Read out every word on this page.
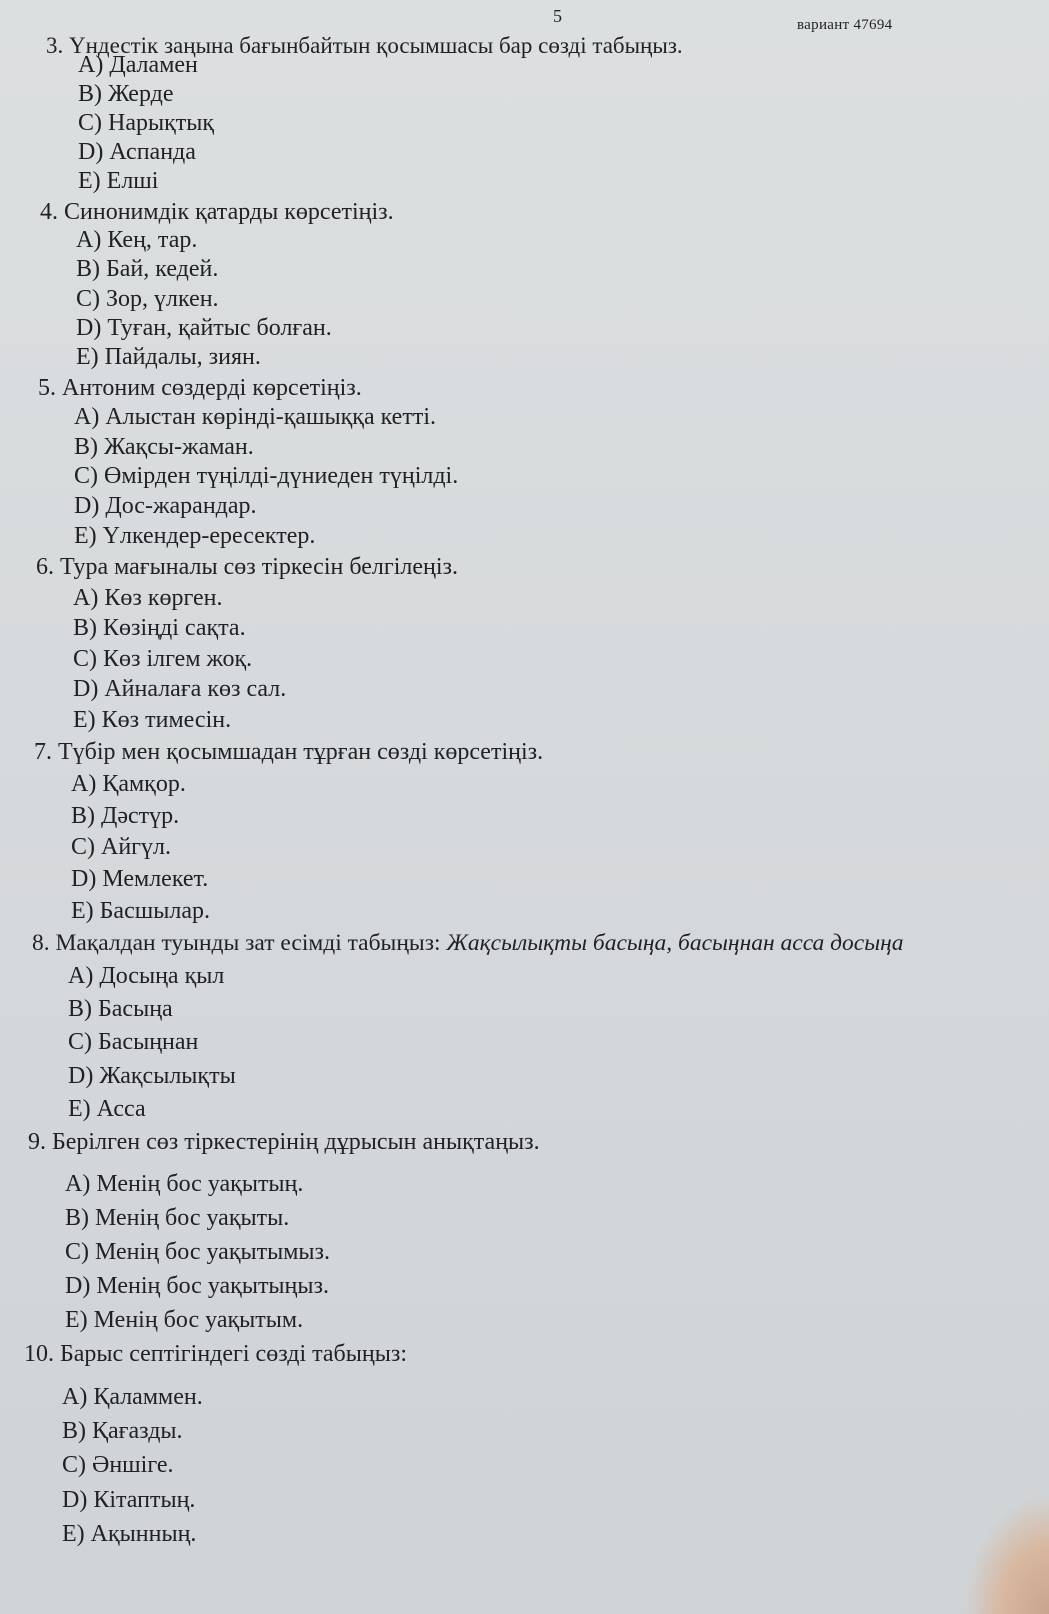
5	вариант 47694
3. Үндестік заңына бағынбайтын қосымшасы бар сөзді табыңыз.
A) Даламен
B) Жерде
C) Нарықтық
D) Аспанда
E) Елші
4. Синонимдік қатарды көрсетіңіз.
A) Кең, тар.
B) Бай, кедей.
C) Зор, үлкен.
D) Туған, қайтыс болған.
E) Пайдалы, зиян.
5. Антоним сөздерді көрсетіңіз.
A) Алыстан көрінді-қашыққа кетті.
B) Жақсы-жаман.
C) Өмірден түңілді-дүниеден түңілді.
D) Дос-жарандар.
E) Үлкендер-ересектер.
6. Тура мағыналы сөз тіркесін белгілеңіз.
A) Көз көрген.
B) Көзіңді сақта.
C) Көз ілгем жоқ.
D) Айналаға көз сал.
E) Көз тимесін.
7. Түбір мен қосымшадан тұрған сөзді көрсетіңіз.
A) Қамқор.
B) Дәстүр.
C) Айгүл.
D) Мемлекет.
E) Басшылар.
8. Мақалдан туынды зат есімді табыңыз: Жақсылықты басыңа, басыңнан асса досыңа
A) Досыңа қыл
B) Басыңа
C) Басыңнан
D) Жақсылықты
E) Асса
9. Берілген сөз тіркестерінің дұрысын анықтаңыз.
A) Менің бос уақытың.
B) Менің бос уақыты.
C) Менің бос уақытымыз.
D) Менің бос уақытыңыз.
E) Менің бос уақытым.
10. Барыс септігіндегі сөзді табыңыз:
A) Қаламмен.
B) Қағазды.
C) Әншіге.
D) Кітаптың.
E) Ақынның.
